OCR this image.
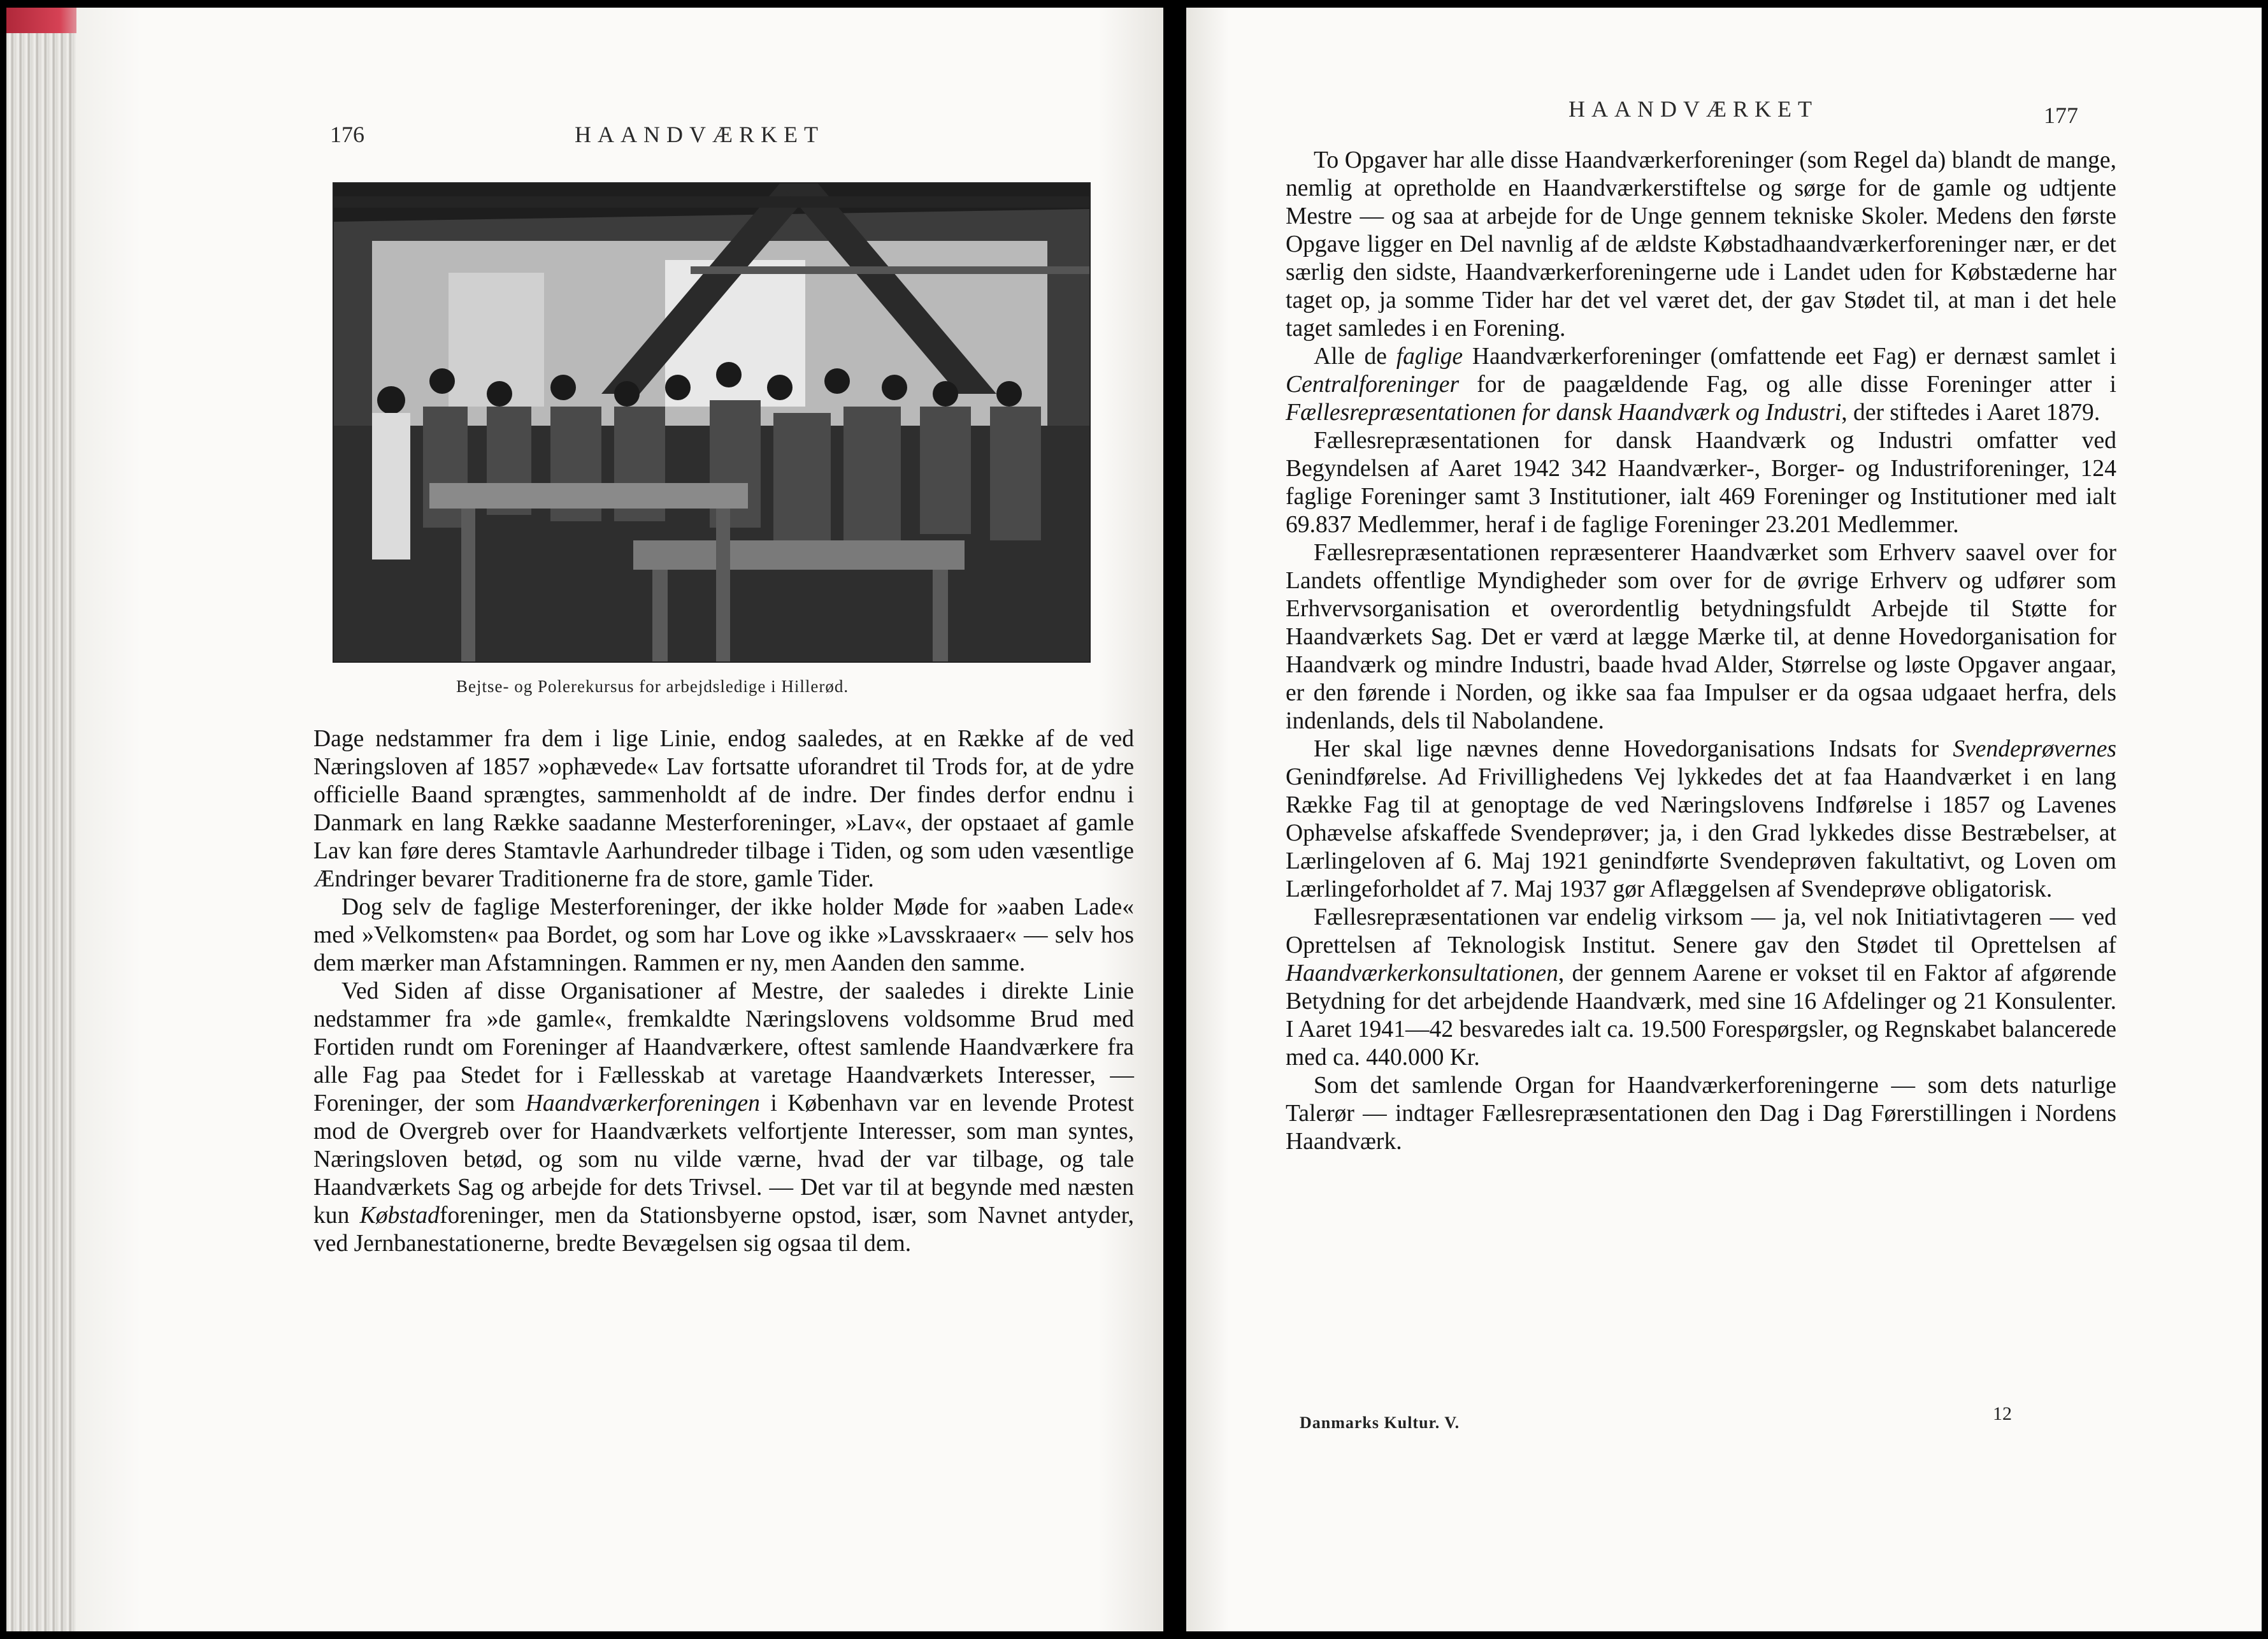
176	HAANDVÆRKET
Bejtse- og Polerekursus for arbejdsledige i Hillerød.

Dage nedstammer fra dem i lige Linie, endog saaledes, at en Række af de ved Næringsloven af 1857 »ophævede« Lav fortsatte uforandret til Trods for, at de ydre officielle Baand sprængtes, sammenholdt af de indre. Der findes derfor endnu i Danmark en lang Række saadanne Mesterforeninger, »Lav«, der opstaaet af gamle Lav kan føre deres Stamtavle Aarhundreder tilbage i Tiden, og som uden væsentlige Ændringer bevarer Traditionerne fra de store, gamle Tider.

Dog selv de faglige Mesterforeninger, der ikke holder Møde for »aaben Lade« med »Velkomsten« paa Bordet, og som har Love og ikke »Lavsskraaer« — selv hos dem mærker man Afstamningen. Rammen er ny, men Aanden den samme.

Ved Siden af disse Organisationer af Mestre, der saaledes i direkte Linie nedstammer fra »de gamle«, fremkaldte Næringslovens voldsomme Brud med Fortiden rundt om Foreninger af Haandværkere, oftest samlende Haandværkere fra alle Fag paa Stedet for i Fællesskab at varetage Haandværkets Interesser, — Foreninger, der som Haandværkerforeningen i København var en levende Protest mod de Overgreb over for Haandværkets velfortjente Interesser, som man syntes, Næringsloven betød, og som nu vilde værne, hvad der var tilbage, og tale Haandværkets Sag og arbejde for dets Trivsel. — Det var til at begynde med næsten kun Købstadforeninger, men da Stationsbyerne opstod, især, som Navnet antyder, ved Jernbanestationerne, bredte Bevægelsen sig ogsaa til dem.

HAANDVÆRKET	177

To Opgaver har alle disse Haandværkerforeninger (som Regel da) blandt de mange, nemlig at opretholde en Haandværkerstiftelse og sørge for de gamle og udtjente Mestre — og saa at arbejde for de Unge gennem tekniske Skoler. Medens den første Opgave ligger en Del navnlig af de ældste Købstadhaandværkerforeninger nær, er det særlig den sidste, Haandværkerforeningerne ude i Landet uden for Købstæderne har taget op, ja somme Tider har det vel været det, der gav Stødet til, at man i det hele taget samledes i en Forening.

Alle de faglige Haandværkerforeninger (omfattende eet Fag) er dernæst samlet i Centralforeninger for de paagældende Fag, og alle disse Foreninger atter i Fællesrepræsentationen for dansk Haandværk og Industri, der stiftedes i Aaret 1879.

Fællesrepræsentationen for dansk Haandværk og Industri omfatter ved Begyndelsen af Aaret 1942 342 Haandværker-, Borger- og Industriforeninger, 124 faglige Foreninger samt 3 Institutioner, ialt 469 Foreninger og Institutioner med ialt 69.837 Medlemmer, heraf i de faglige Foreninger 23.201 Medlemmer.

Fællesrepræsentationen repræsenterer Haandværket som Erhverv saavel over for Landets offentlige Myndigheder som over for de øvrige Erhverv og udfører som Erhvervsorganisation et overordentlig betydningsfuldt Arbejde til Støtte for Haandværkets Sag. Det er værd at lægge Mærke til, at denne Hovedorganisation for Haandværk og mindre Industri, baade hvad Alder, Størrelse og løste Opgaver angaar, er den førende i Norden, og ikke saa faa Impulser er da ogsaa udgaaet herfra, dels indenlands, dels til Nabolandene.

Her skal lige nævnes denne Hovedorganisations Indsats for Svendeprøvernes Genindførelse. Ad Frivillighedens Vej lykkedes det at faa Haandværket i en lang Række Fag til at genoptage de ved Næringslovens Indførelse i 1857 og Lavenes Ophævelse afskaffede Svendeprøver; ja, i den Grad lykkedes disse Bestræbelser, at Lærlingeloven af 6. Maj 1921 genindførte Svendeprøven fakultativt, og Loven om Lærlingeforholdet af 7. Maj 1937 gør Aflæggelsen af Svendeprøve obligatorisk.

Fællesrepræsentationen var endelig virksom — ja, vel nok Initiativtageren — ved Oprettelsen af Teknologisk Institut. Senere gav den Stødet til Oprettelsen af Haandværkerkonsultationen, der gennem Aarene er vokset til en Faktor af afgørende Betydning for det arbejdende Haandværk, med sine 16 Afdelinger og 21 Konsulenter. I Aaret 1941—42 besvaredes ialt ca. 19.500 Forespørgsler, og Regnskabet balancerede med ca. 440.000 Kr.

Som det samlende Organ for Haandværkerforeningerne — som dets naturlige Talerør — indtager Fællesrepræsentationen den Dag i Dag Førerstillingen i Nordens Haandværk.

Danmarks Kultur. V.	12
